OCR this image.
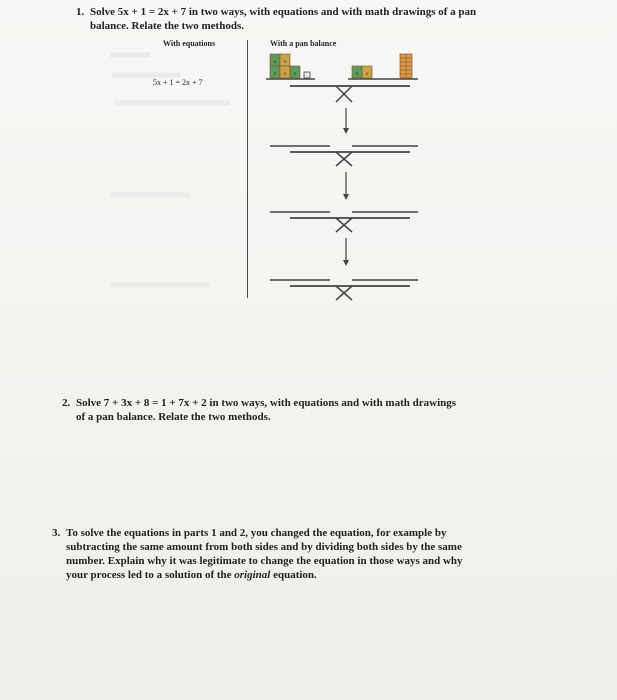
1. Solve 5x + 1 = 2x + 7 in two ways, with equations and with math drawings of a pan
balance. Relate the two methods.
With equations	With a pan balance
5x + 1 = 2x + 7
x x
x x x	x x
2. Solve 7 + 3x + 8 = 1 + 7x + 2 in two ways, with equations and with math drawings
of a pan balance. Relate the two methods.
3. To solve the equations in parts 1 and 2, you changed the equation, for example by
subtracting the same amount from both sides and by dividing both sides by the same
number. Explain why it was legitimate to change the equation in those ways and why
your process led to a solution of the original equation.
